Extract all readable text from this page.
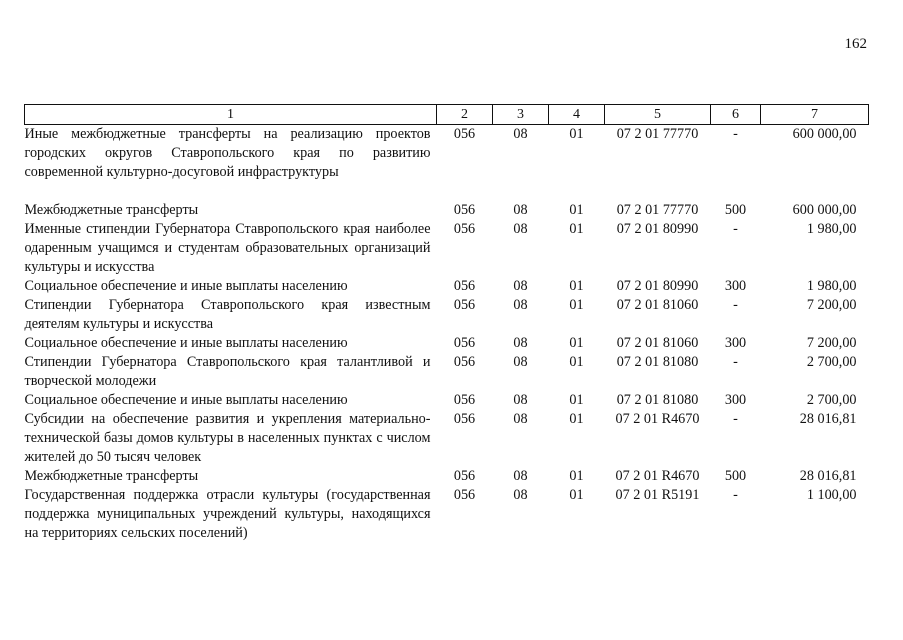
162
1	2	3	4	5	6	7
Иные межбюджетные трансферты на реализацию проектов городских округов Ставропольского края по развитию современной культурно-досуговой инфраструктуры	056	08	01	07 2 01 77770	-	600 000,00

Межбюджетные трансферты	056	08	01	07 2 01 77770	500	600 000,00
Именные стипендии Губернатора Ставропольского края наиболее одаренным учащимся и студентам образовательных организаций культуры и искусства	056	08	01	07 2 01 80990	-	1 980,00
Социальное обеспечение и иные выплаты населению	056	08	01	07 2 01 80990	300	1 980,00
Стипендии Губернатора Ставропольского края известным деятелям культуры и искусства	056	08	01	07 2 01 81060	-	7 200,00
Социальное обеспечение и иные выплаты населению	056	08	01	07 2 01 81060	300	7 200,00
Стипендии Губернатора Ставропольского края талантливой и творческой молодежи	056	08	01	07 2 01 81080	-	2 700,00
Социальное обеспечение и иные выплаты населению	056	08	01	07 2 01 81080	300	2 700,00
Субсидии на обеспечение развития и укрепления материально-технической базы домов культуры в населенных пунктах с числом жителей до 50 тысяч человек	056	08	01	07 2 01 R4670	-	28 016,81
Межбюджетные трансферты	056	08	01	07 2 01 R4670	500	28 016,81
Государственная поддержка отрасли культуры (государственная поддержка муниципальных учреждений культуры, находящихся на территориях сельских поселений)	056	08	01	07 2 01 R5191	-	1 100,00
